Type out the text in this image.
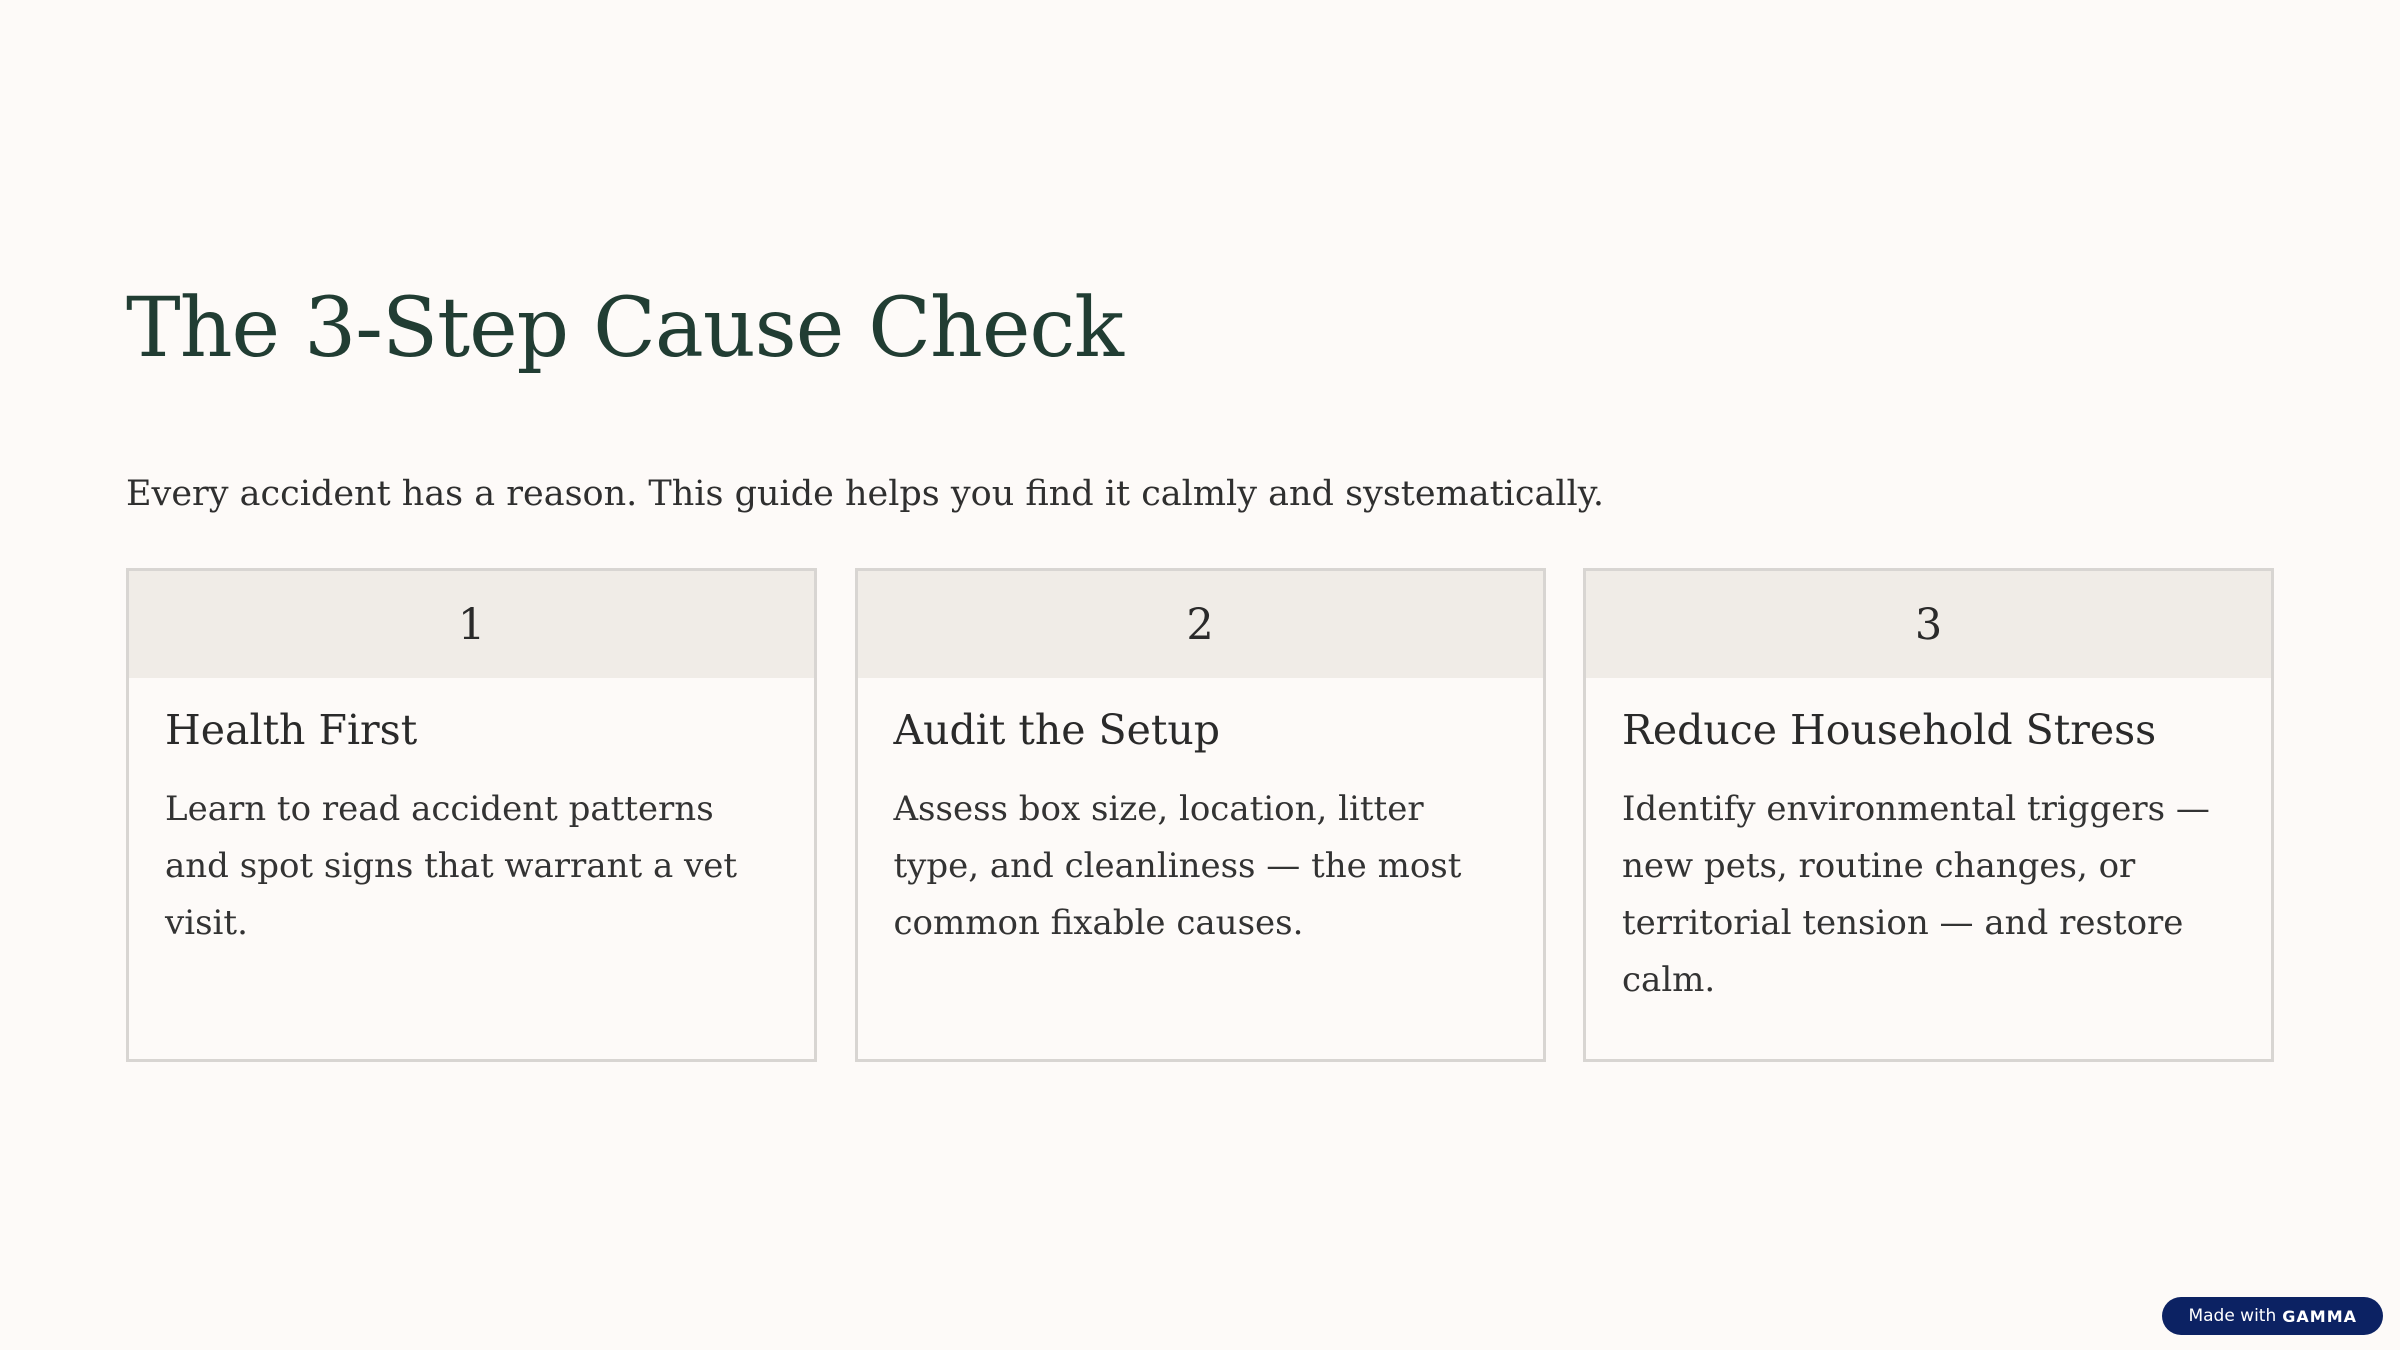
The 3-Step Cause Check

Every accident has a reason. This guide helps you find it calmly and systematically.

1
Health First

Learn to read accident patterns and spot signs that warrant a vet visit.

2
Audit the Setup

Assess box size, location, litter type, and cleanliness — the most common fixable causes.

3
Reduce Household Stress

Identify environmental triggers — new pets, routine changes, or territorial tension — and restore calm.

Made with GAMMA
